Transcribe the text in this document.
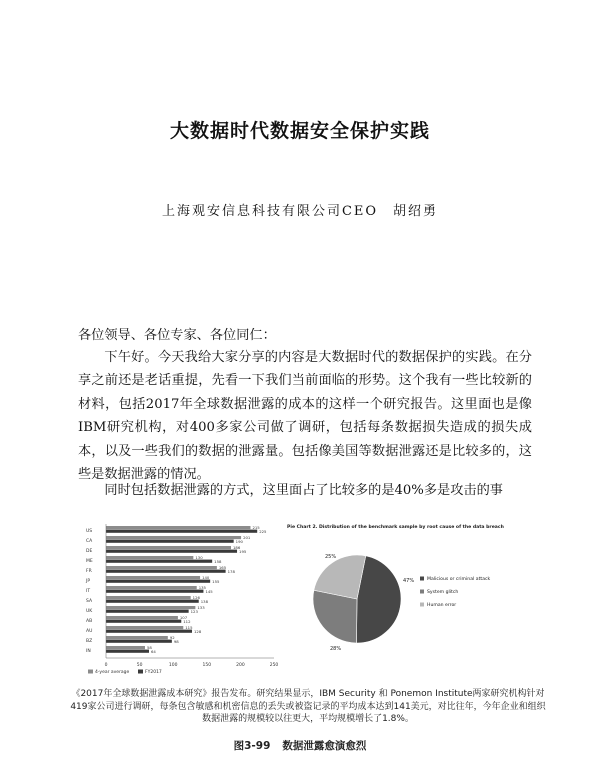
大数据时代数据安全保护实践
上海观安信息科技有限公司CEO　胡绍勇
各位领导、各位专家、各位同仁：

下午好。今天我给大家分享的内容是大数据时代的数据保护的实践。在分享之前还是老话重提，先看一下我们当前面临的形势。这个我有一些比较新的材料，包括2017年全球数据泄露的成本的这样一个研究报告。这里面也是像IBM研究机构，对400多家公司做了调研，包括每条数据损失造成的损失成本，以及一些我们的数据的泄露量。包括像美国等数据泄露还是比较多的，这些是数据泄露的情况。

同时包括数据泄露的方式，这里面占了比较多的是40%多是攻击的事

US
215
225
CA
201
190
DE
186
195
ME
130
158
FR
165
178
JP
140
155
IT
135
145
SA
126
138
UK
133
123
AB
107
112
AU
115
128
BZ
92
98
IN
58
64
0	50	100	150	200	250
4-year average	FY2017
Pie Chart 2. Distribution of the benchmark sample by root cause of the data breach
47%
28%
25%
Malicious or criminal attack
System glitch
Human error
《2017年全球数据泄露成本研究》报告发布。研究结果显示，IBM Security 和 Ponemon Institute两家研究机构针对419家公司进行调研，每条包含敏感和机密信息的丢失或被盗记录的平均成本达到141美元，对比往年，今年企业和组织数据泄露的规模较以往更大，平均规模增长了1.8%。
图3-99 数据泄露愈演愈烈
